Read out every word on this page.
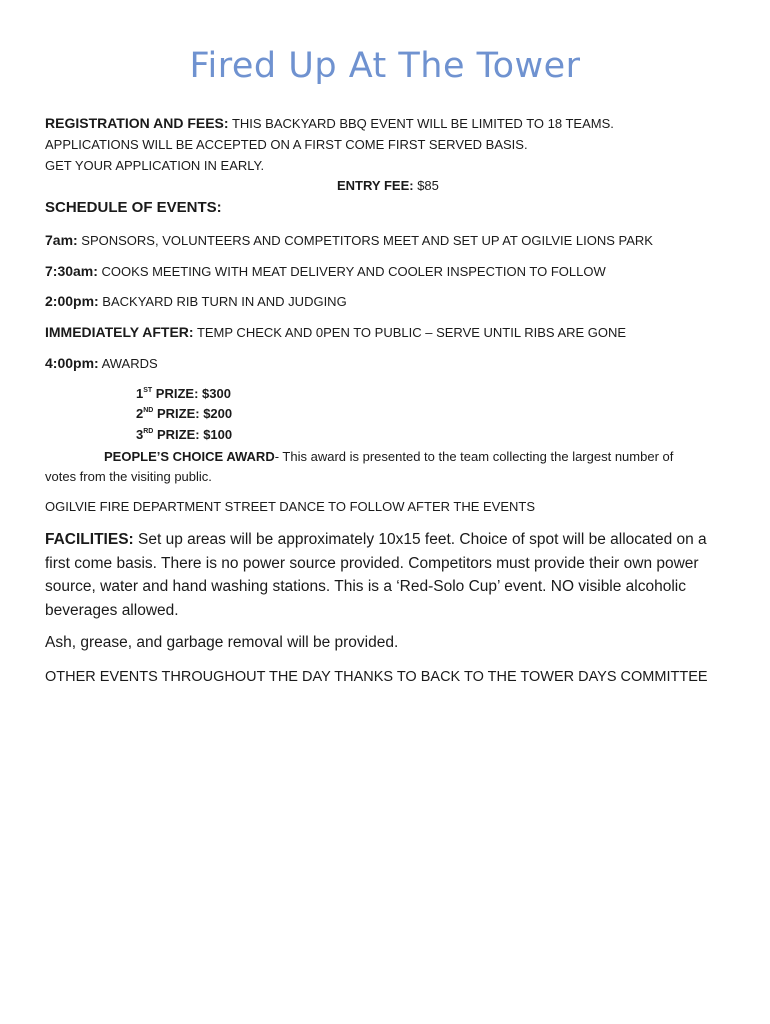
Fired Up At The Tower
REGISTRATION AND FEES: THIS BACKYARD BBQ EVENT WILL BE LIMITED TO 18 TEAMS.
APPLICATIONS WILL BE ACCEPTED ON A FIRST COME FIRST SERVED BASIS.
GET YOUR APPLICATION IN EARLY.
ENTRY FEE: $85
SCHEDULE OF EVENTS:
7am: SPONSORS, VOLUNTEERS AND COMPETITORS MEET AND SET UP AT OGILVIE LIONS PARK
7:30am: COOKS MEETING WITH MEAT DELIVERY AND COOLER INSPECTION TO FOLLOW
2:00pm: BACKYARD RIB TURN IN AND JUDGING
IMMEDIATELY AFTER: TEMP CHECK AND 0PEN TO PUBLIC – SERVE UNTIL RIBS ARE GONE
4:00pm: AWARDS
1ST PRIZE: $300
2ND PRIZE: $200
3RD PRIZE: $100
PEOPLE’S CHOICE AWARD- This award is presented to the team collecting the largest number of votes from the visiting public.
OGILVIE FIRE DEPARTMENT STREET DANCE TO FOLLOW AFTER THE EVENTS
FACILITIES: Set up areas will be approximately 10x15 feet. Choice of spot will be allocated on a first come basis. There is no power source provided. Competitors must provide their own power source, water and hand washing stations. This is a ‘Red-Solo Cup’ event. NO visible alcoholic beverages allowed.
Ash, grease, and garbage removal will be provided.
OTHER EVENTS THROUGHOUT THE DAY THANKS TO BACK TO THE TOWER DAYS COMMITTEE
